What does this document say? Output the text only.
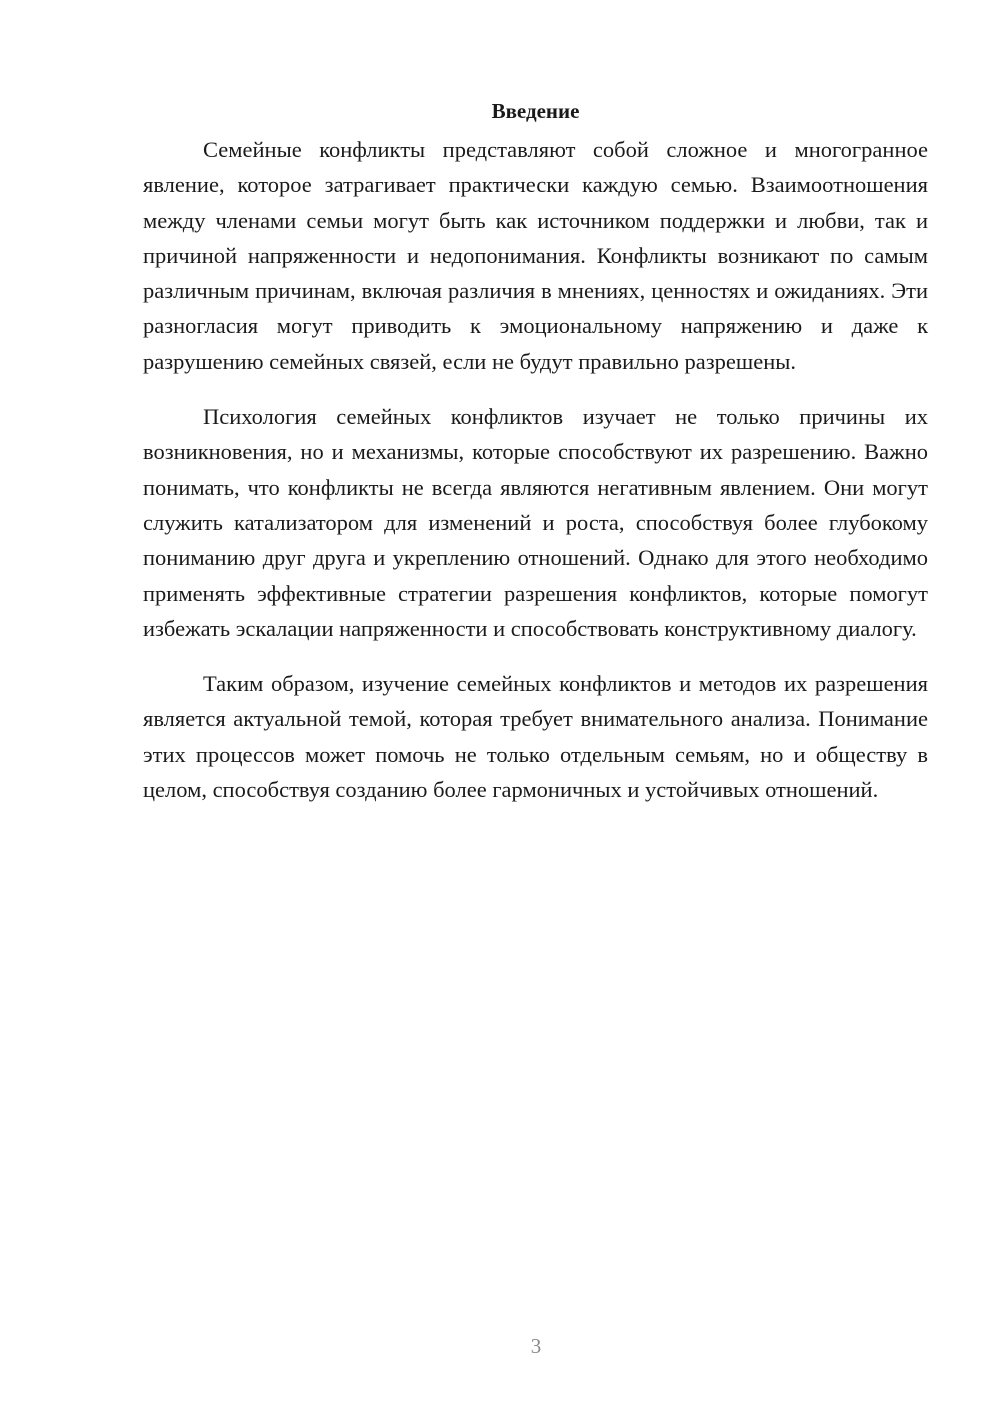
Введение

Семейные конфликты представляют собой сложное и многогранное явление, которое затрагивает практически каждую семью. Взаимоотношения между членами семьи могут быть как источником поддержки и любви, так и причиной напряженности и недопонимания. Конфликты возникают по самым различным причинам, включая различия в мнениях, ценностях и ожиданиях. Эти разногласия могут приводить к эмоциональному напряжению и даже к разрушению семейных связей, если не будут правильно разрешены.

Психология семейных конфликтов изучает не только причины их возникновения, но и механизмы, которые способствуют их разрешению. Важно понимать, что конфликты не всегда являются негативным явлением. Они могут служить катализатором для изменений и роста, способствуя более глубокому пониманию друг друга и укреплению отношений. Однако для этого необходимо применять эффективные стратегии разрешения конфликтов, которые помогут избежать эскалации напряженности и способствовать конструктивному диалогу.

Таким образом, изучение семейных конфликтов и методов их разрешения является актуальной темой, которая требует внимательного анализа. Понимание этих процессов может помочь не только отдельным семьям, но и обществу в целом, способствуя созданию более гармоничных и устойчивых отношений.

3
